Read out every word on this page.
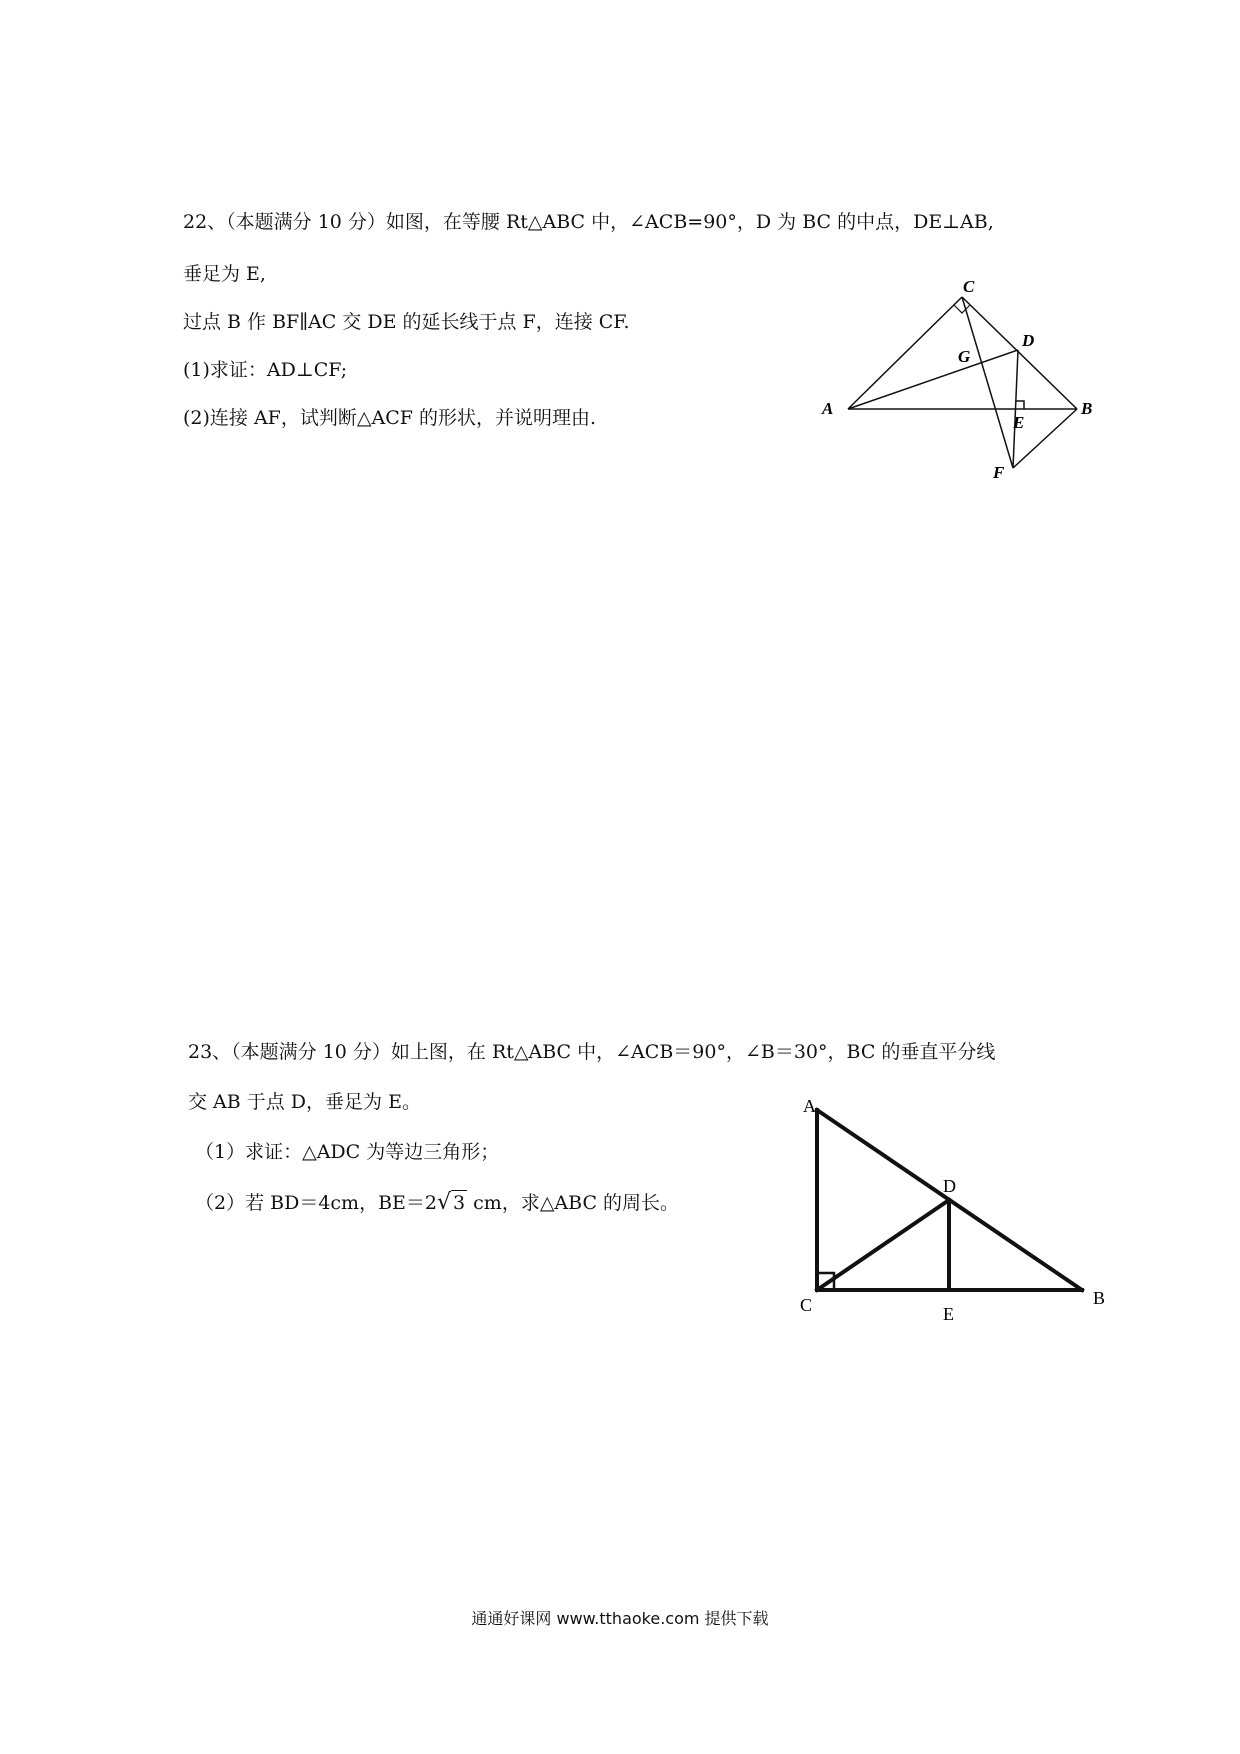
22、（本题满分 10 分）如图，在等腰 Rt△ABC 中，∠ACB=90°，D 为 BC 的中点，DE⊥AB,
垂足为 E,
过点 B 作 BF∥AC 交 DE 的延长线于点 F，连接 CF.
(1)求证：AD⊥CF;
(2)连接 AF，试判断△ACF 的形状，并说明理由.
C
D
G
A	B
E
F
23、（本题满分 10 分）如上图，在 Rt△ABC 中，∠ACB＝90°，∠B＝30°，BC 的垂直平分线
交 AB 于点 D，垂足为 E。
（1）求证：△ADC 为等边三角形；
（2）若 BD＝4cm，BE＝2√ 3 cm，求△ABC 的周长。
A
D
C	E
B
通通好课网 www.tthaoke.com 提供下载
